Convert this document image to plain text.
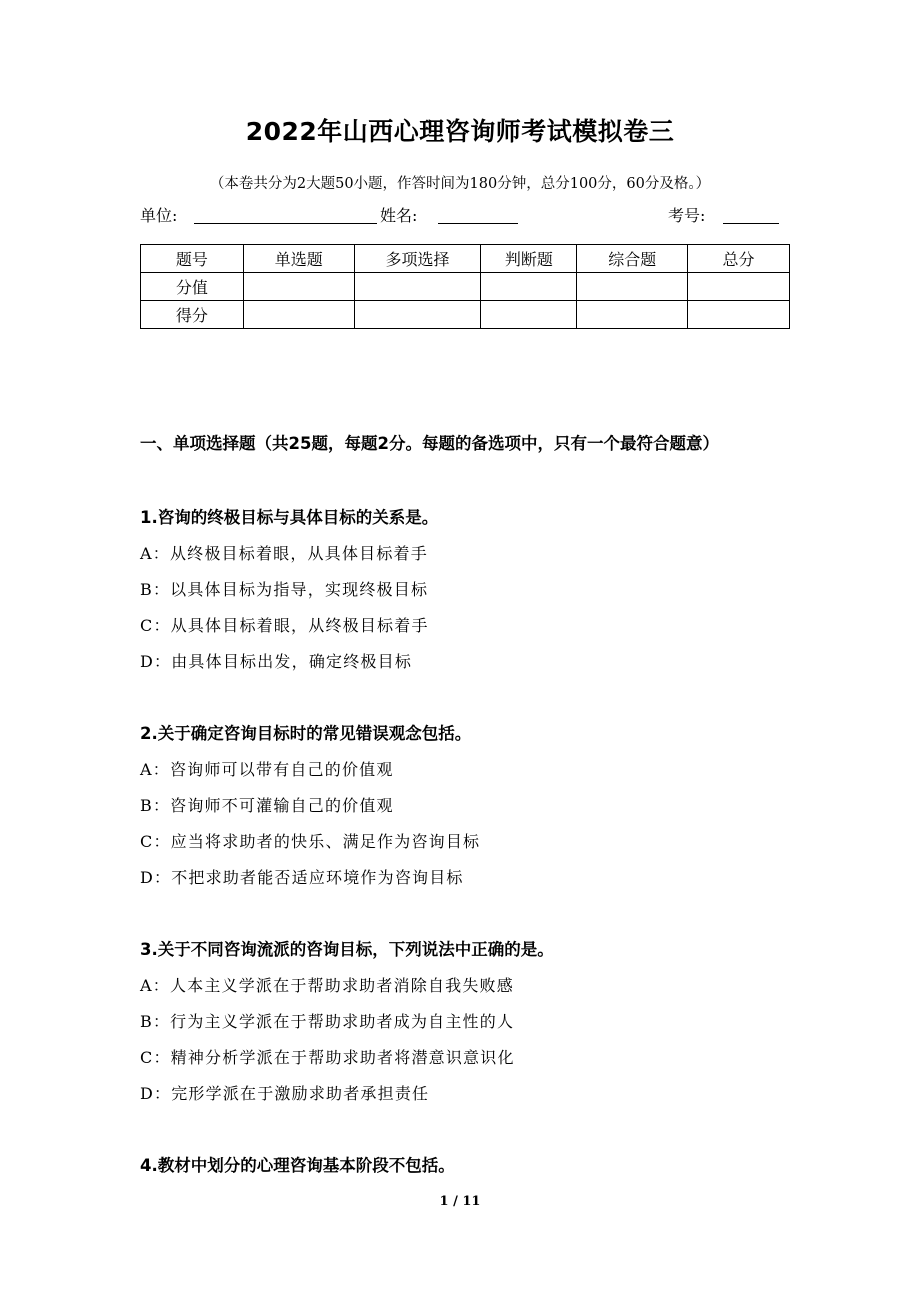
2022年山西心理咨询师考试模拟卷三
（本卷共分为2大题50小题，作答时间为180分钟，总分100分，60分及格。）
单位:	姓名:	考号:
题号	单选题	多项选择	判断题	综合题	总分
分值					
得分					
一、单项选择题（共25题，每题2分。每题的备选项中，只有一个最符合题意）
1.咨询的终极目标与具体目标的关系是。
A：从终极目标着眼，从具体目标着手
B：以具体目标为指导，实现终极目标
C：从具体目标着眼，从终极目标着手
D：由具体目标出发，确定终极目标
2.关于确定咨询目标时的常见错误观念包括。
A：咨询师可以带有自己的价值观
B：咨询师不可灌输自己的价值观
C：应当将求助者的快乐、满足作为咨询目标
D：不把求助者能否适应环境作为咨询目标
3.关于不同咨询流派的咨询目标，下列说法中正确的是。
A：人本主义学派在于帮助求助者消除自我失败感
B：行为主义学派在于帮助求助者成为自主性的人
C：精神分析学派在于帮助求助者将潜意识意识化
D：完形学派在于激励求助者承担责任
4.教材中划分的心理咨询基本阶段不包括。
1 / 11
